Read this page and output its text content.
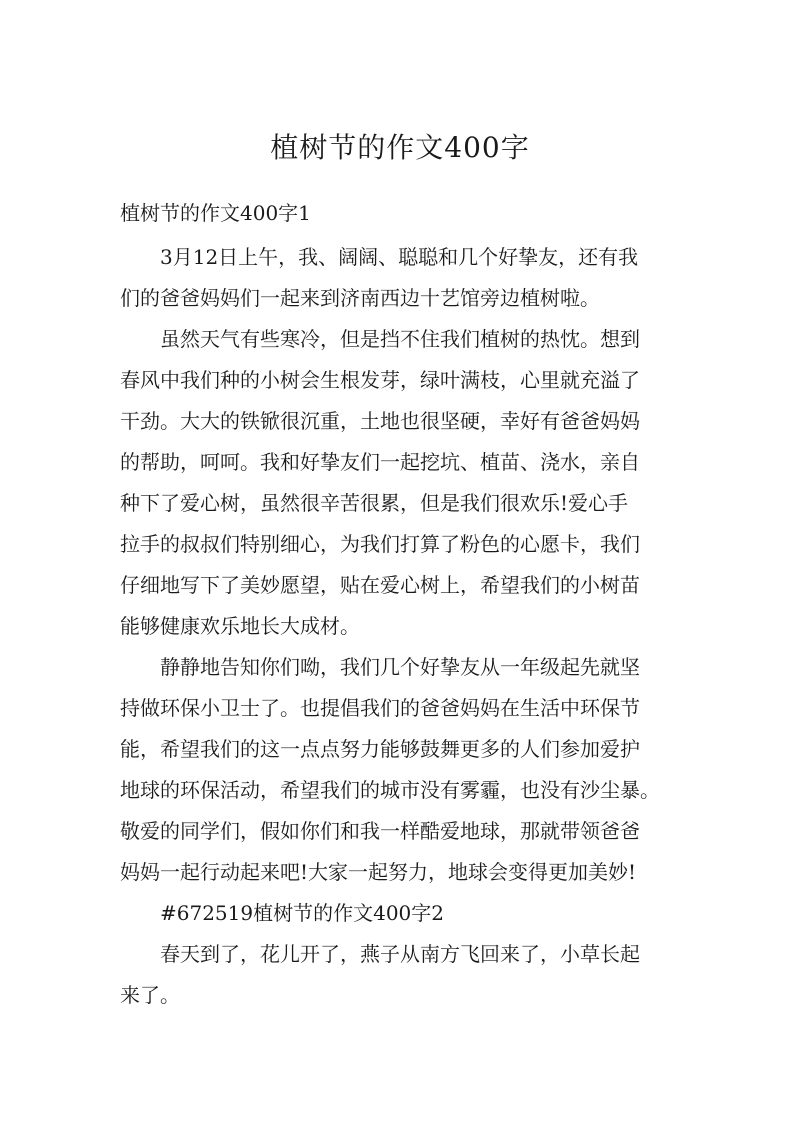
植树节的作文400字

植树节的作文400字1

3月12日上午，我、阔阔、聪聪和几个好挚友，还有我

们的爸爸妈妈们一起来到济南西边十艺馆旁边植树啦。

虽然天气有些寒冷，但是挡不住我们植树的热忱。想到

春风中我们种的小树会生根发芽，绿叶满枝，心里就充溢了

干劲。大大的铁锨很沉重，土地也很坚硬，幸好有爸爸妈妈

的帮助，呵呵。我和好挚友们一起挖坑、植苗、浇水，亲自

种下了爱心树，虽然很辛苦很累，但是我们很欢乐!爱心手

拉手的叔叔们特别细心，为我们打算了粉色的心愿卡，我们

仔细地写下了美妙愿望，贴在爱心树上，希望我们的小树苗

能够健康欢乐地长大成材。

静静地告知你们呦，我们几个好挚友从一年级起先就坚

持做环保小卫士了。也提倡我们的爸爸妈妈在生活中环保节

能，希望我们的这一点点努力能够鼓舞更多的人们参加爱护

地球的环保活动，希望我们的城市没有雾霾，也没有沙尘暴。

敬爱的同学们，假如你们和我一样酷爱地球，那就带领爸爸

妈妈一起行动起来吧!大家一起努力，地球会变得更加美妙!

#672519植树节的作文400字2

春天到了，花儿开了，燕子从南方飞回来了，小草长起

来了。
